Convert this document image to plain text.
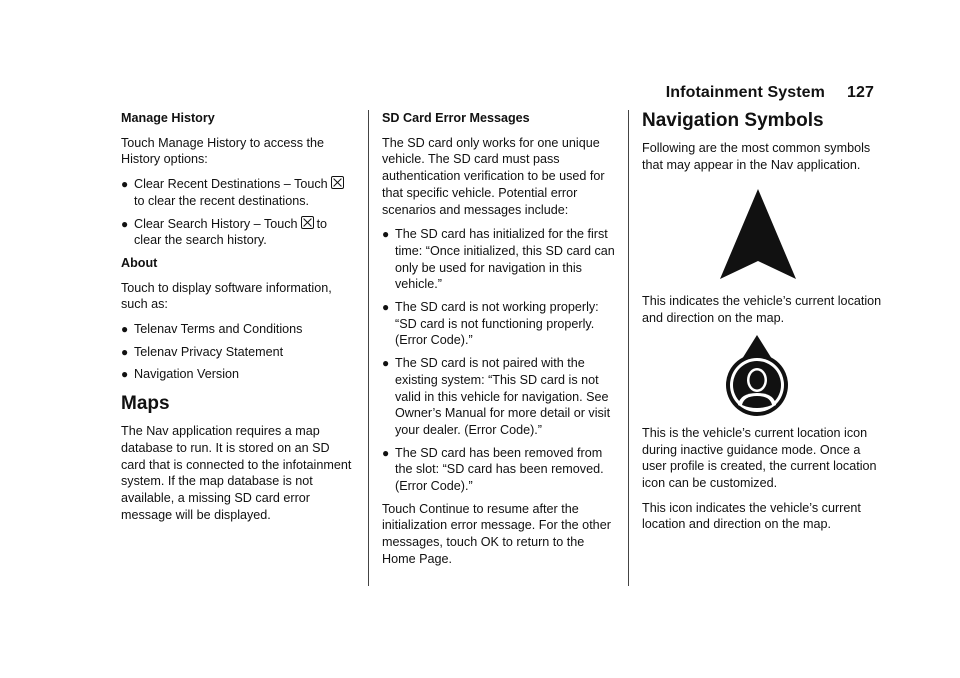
Infotainment System 127

Manage History

Touch Manage History to access the History options:

● Clear Recent Destinations – Touchto clear the recent destinations.
● Clear Search History – Touch to clear the search history.

About

Touch to display software information, such as:

● Telenav Terms and Conditions
● Telenav Privacy Statement
● Navigation Version
Maps

The Nav application requires a map database to run. It is stored on an SD card that is connected to the infotainment system. If the map database is not available, a missing SD card error message will be displayed.

SD Card Error Messages

The SD card only works for one unique vehicle. The SD card must pass authentication verification to be used for that specific vehicle. Potential error scenarios and messages include:

● The SD card has initialized for the first time: “Once initialized, this SD card can only be used for navigation in this vehicle.”
● The SD card is not working properly: “SD card is not functioning properly. (Error Code).”
● The SD card is not paired with the existing system: “This SD card is not valid in this vehicle for navigation. See Owner’s Manual for more detail or visit your dealer. (Error Code).”
● The SD card has been removed from the slot: “SD card has been removed. (Error Code).”

Touch Continue to resume after the initialization error message. For the other messages, touch OK to return to the Home Page.

Navigation Symbols

Following are the most common symbols that may appear in the Nav application.

This indicates the vehicle’s current location and direction on the map.

This is the vehicle’s current location icon during inactive guidance mode. Once a user profile is created, the current location icon can be customized.

This icon indicates the vehicle’s current location and direction on the map.
